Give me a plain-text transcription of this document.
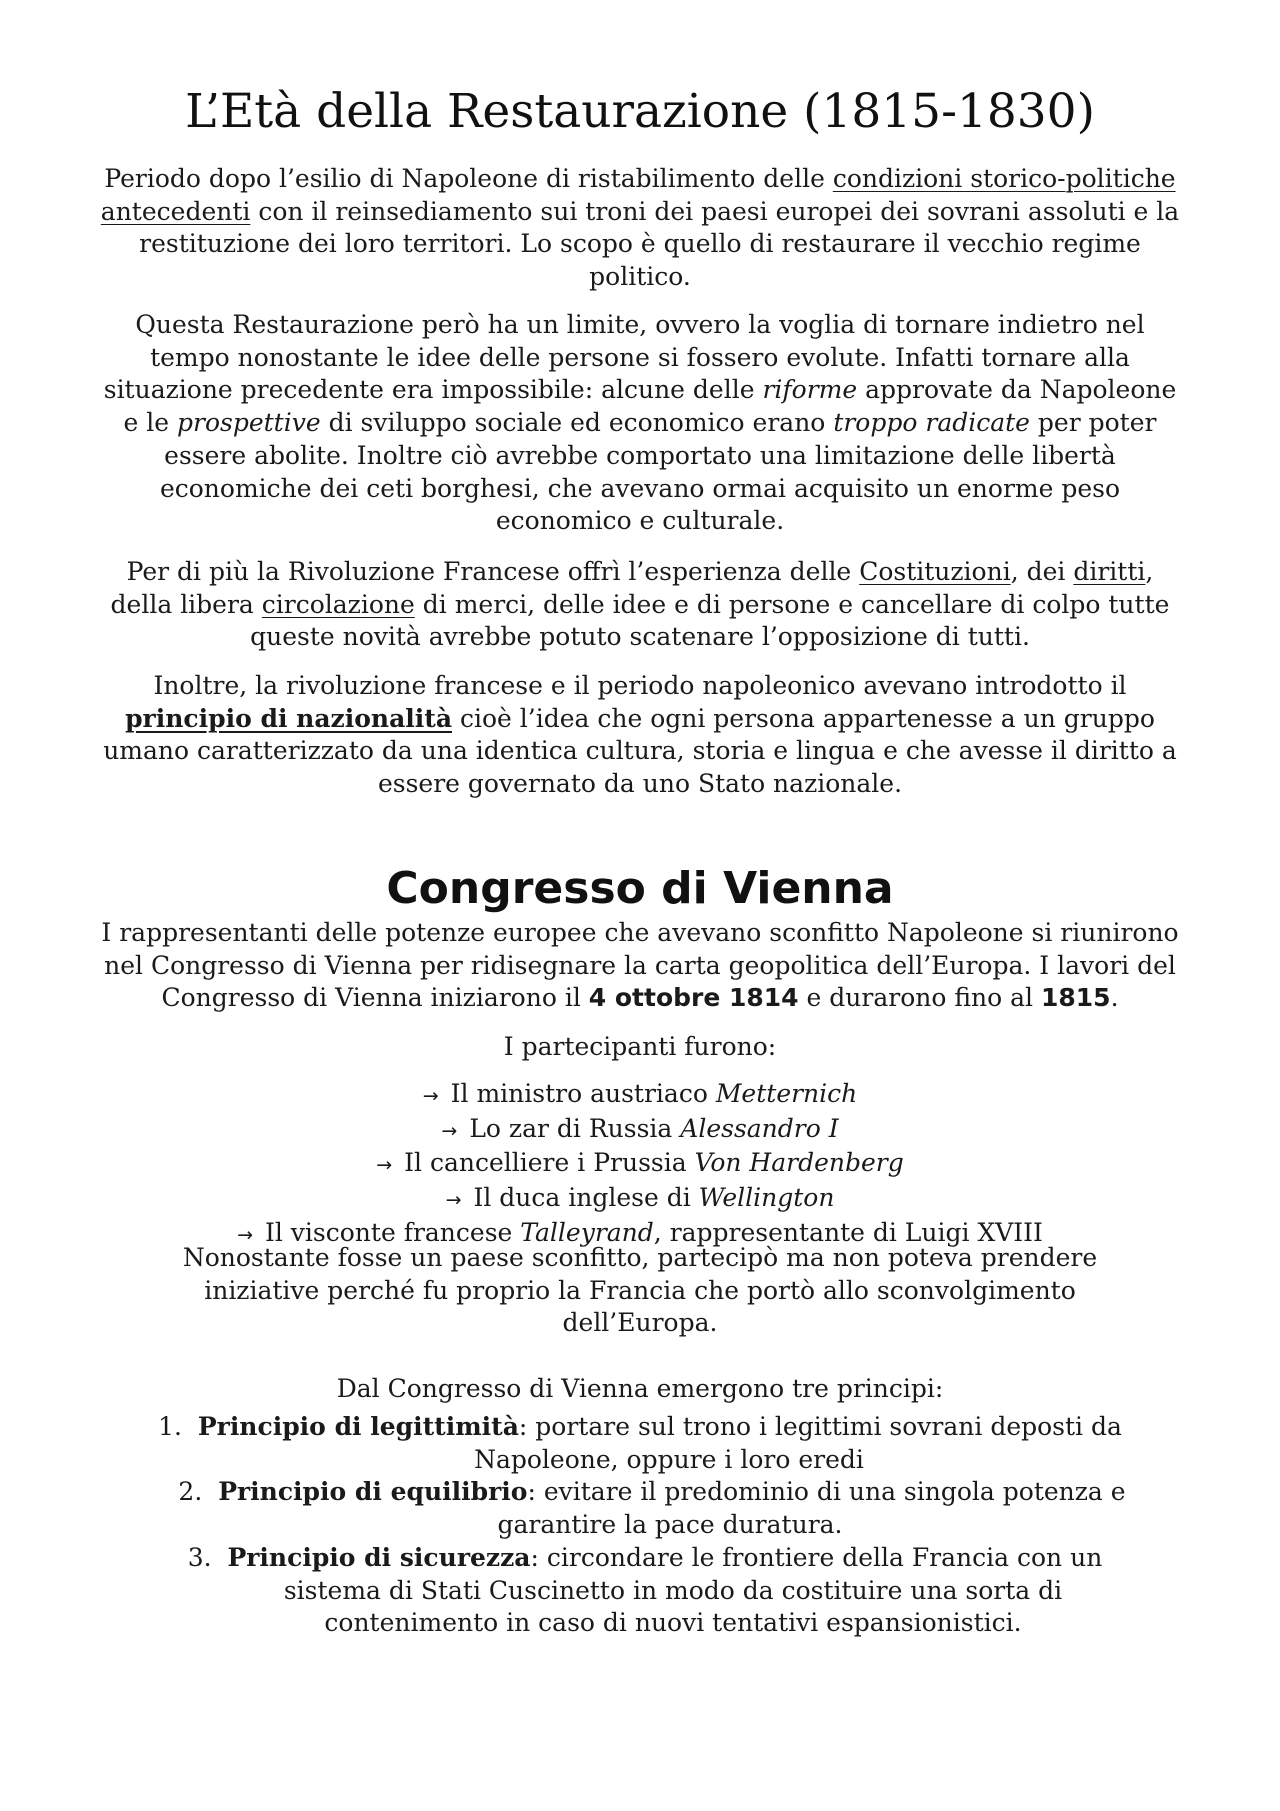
L’Età della Restaurazione (1815-1830)

Periodo dopo l’esilio di Napoleone di ristabilimento delle condizioni storico-politiche
antecedenti con il reinsediamento sui troni dei paesi europei dei sovrani assoluti e la
restituzione dei loro territori. Lo scopo è quello di restaurare il vecchio regime
politico.

Questa Restaurazione però ha un limite, ovvero la voglia di tornare indietro nel
tempo nonostante le idee delle persone si fossero evolute. Infatti tornare alla
situazione precedente era impossibile: alcune delle riforme approvate da Napoleone
e le prospettive di sviluppo sociale ed economico erano troppo radicate per poter
essere abolite. Inoltre ciò avrebbe comportato una limitazione delle libertà
economiche dei ceti borghesi, che avevano ormai acquisito un enorme peso
economico e culturale.

Per di più la Rivoluzione Francese offrì l’esperienza delle Costituzioni, dei diritti,
della libera circolazione di merci, delle idee e di persone e cancellare di colpo tutte
queste novità avrebbe potuto scatenare l’opposizione di tutti.

Inoltre, la rivoluzione francese e il periodo napoleonico avevano introdotto il
principio di nazionalità cioè l’idea che ogni persona appartenesse a un gruppo
umano caratterizzato da una identica cultura, storia e lingua e che avesse il diritto a
essere governato da uno Stato nazionale.

Congresso di Vienna

I rappresentanti delle potenze europee che avevano sconfitto Napoleone si riunirono
nel Congresso di Vienna per ridisegnare la carta geopolitica dell’Europa. I lavori del
Congresso di Vienna iniziarono il 4 ottobre 1814 e durarono fino al 1815.

I partecipanti furono:

→ Il ministro austriaco Metternich
→ Lo zar di Russia Alessandro I
→ Il cancelliere i Prussia Von Hardenberg
→ Il duca inglese di Wellington
→ Il visconte francese Talleyrand, rappresentante di Luigi XVIII

Nonostante fosse un paese sconfitto, partecipò ma non poteva prendere
iniziative perché fu proprio la Francia che portò allo sconvolgimento
dell’Europa.

Dal Congresso di Vienna emergono tre principi:

1. Principio di legittimità: portare sul trono i legittimi sovrani deposti da
Napoleone, oppure i loro eredi
2. Principio di equilibrio: evitare il predominio di una singola potenza e
garantire la pace duratura.
3. Principio di sicurezza: circondare le frontiere della Francia con un
sistema di Stati Cuscinetto in modo da costituire una sorta di
contenimento in caso di nuovi tentativi espansionistici.
